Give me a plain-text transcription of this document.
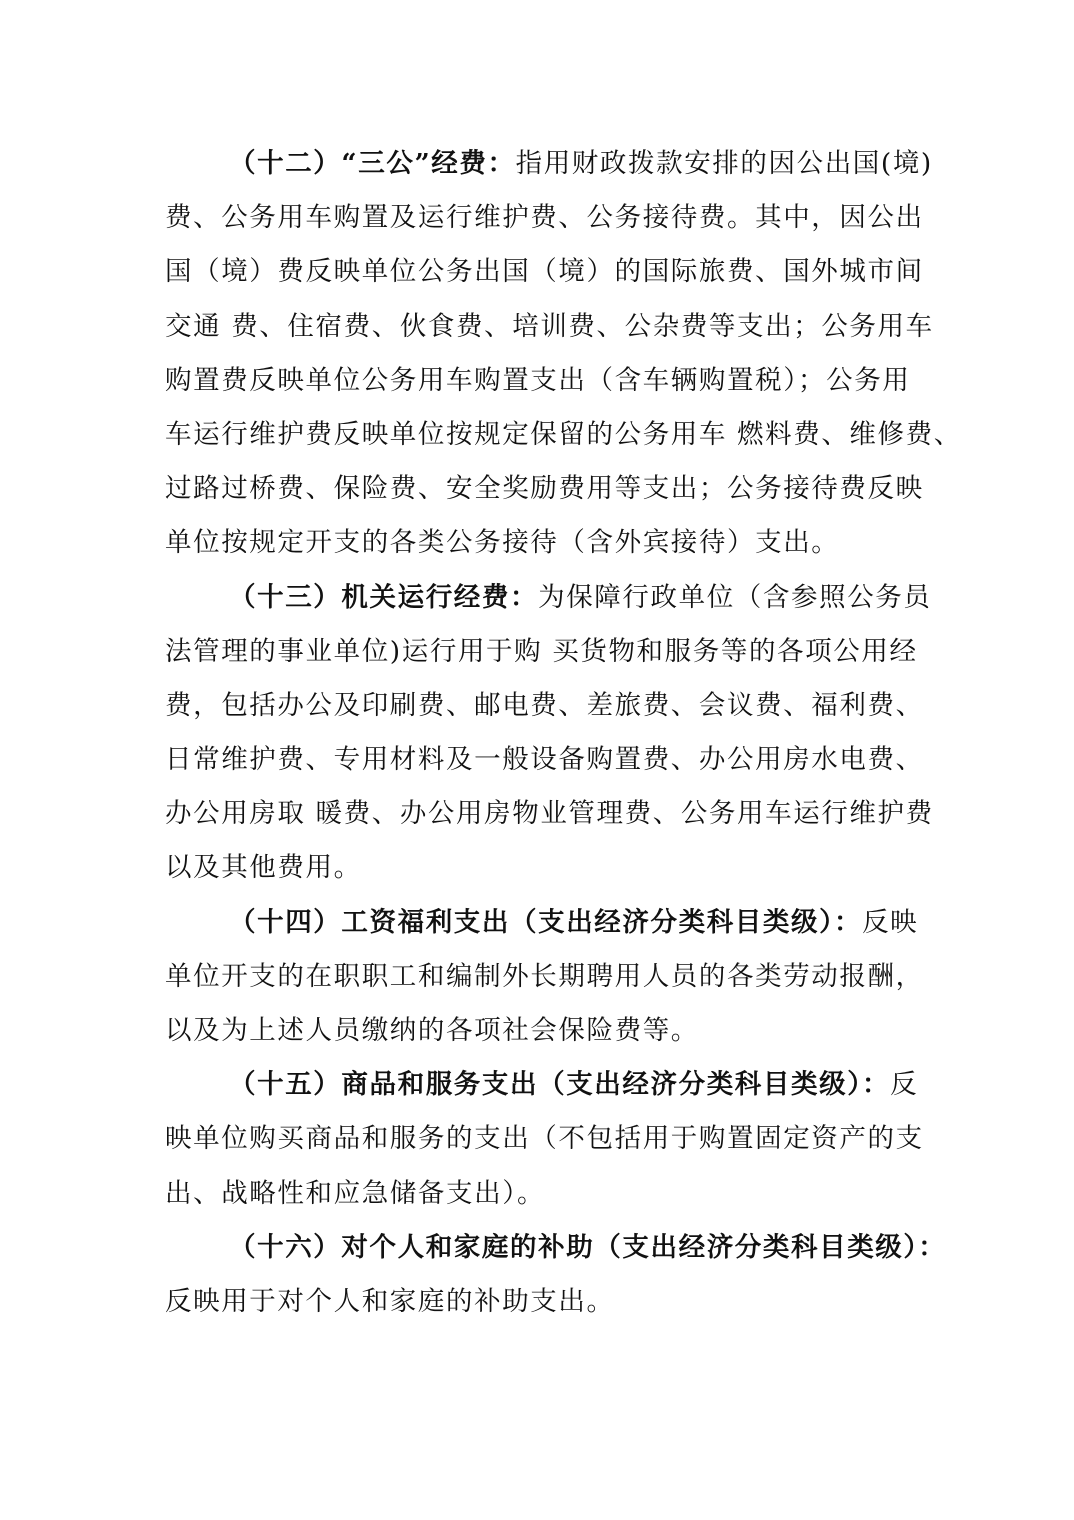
（十二）“三公”经费：指用财政拨款安排的因公出国(境)
费、公务用车购置及运行维护费、公务接待费。其中，因公出
国（境）费反映单位公务出国（境）的国际旅费、国外城市间
交通 费、住宿费、伙食费、培训费、公杂费等支出；公务用车
购置费反映单位公务用车购置支出（含车辆购置税）；公务用
车运行维护费反映单位按规定保留的公务用车 燃料费、维修费、
过路过桥费、保险费、安全奖励费用等支出；公务接待费反映
单位按规定开支的各类公务接待（含外宾接待）支出。
（十三）机关运行经费：为保障行政单位（含参照公务员
法管理的事业单位)运行用于购 买货物和服务等的各项公用经
费，包括办公及印刷费、邮电费、差旅费、会议费、福利费、
日常维护费、专用材料及一般设备购置费、办公用房水电费、
办公用房取 暖费、办公用房物业管理费、公务用车运行维护费
以及其他费用。
（十四）工资福利支出（支出经济分类科目类级）：反映
单位开支的在职职工和编制外长期聘用人员的各类劳动报酬，
以及为上述人员缴纳的各项社会保险费等。
（十五）商品和服务支出（支出经济分类科目类级）：反
映单位购买商品和服务的支出（不包括用于购置固定资产的支
出、战略性和应急储备支出）。
（十六）对个人和家庭的补助（支出经济分类科目类级）：
反映用于对个人和家庭的补助支出。
